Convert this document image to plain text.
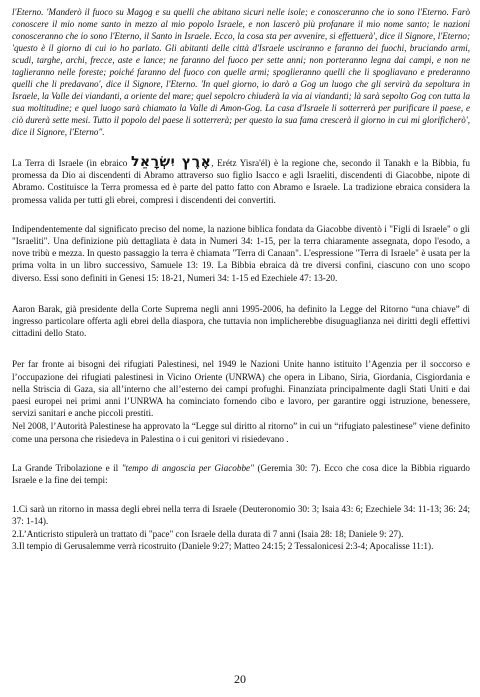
l'Eterno. 'Manderò il fuoco su Magog e su quelli che abitano sicuri nelle isole; e conosceranno che io sono l'Eterno. Farò conoscere il mio nome santo in mezzo al mio popolo Israele, e non lascerò più profanare il mio nome santo; le nazioni conosceranno che io sono l'Eterno, il Santo in Israele. Ecco, la cosa sta per avvenire, si effettuerà', dice il Signore, l'Eterno; 'questo è il giorno di cui io ho parlato. Gli abitanti delle città d'Israele usciranno e faranno dei fuochi, bruciando armi, scudi, targhe, archi, frecce, aste e lance; ne faranno del fuoco per sette anni; non porteranno legna dai campi, e non ne taglieranno nelle foreste; poiché faranno del fuoco con quelle armi; spoglieranno quelli che li spogliavano e prederanno quelli che li predavano', dice il Signore, l'Eterno. 'In quel giorno, io darò a Gog un luogo che gli servirà da sepoltura in Israele, la Valle dei viandanti, a oriente del mare; quel sepolcro chiuderà la via ai viandanti; là sarà sepolto Gog con tutta la sua moltitudine; e quel luogo sarà chiamato la Valle di Amon-Gog. La casa d'Israele li sotterrerà per purificare il paese, e ciò durerà sette mesi. Tutto il popolo del paese li sotterrerà; per questo la sua fama crescerà il giorno in cui mi glorificherò', dice il Signore, l'Eterno".

La Terra di Israele (in ebraico אֶרֶץ יִשְׂרָאֵל, Erétz Yisra'él) è la regione che, secondo il Tanakh e la Bibbia, fu promessa da Dio ai discendenti di Abramo attraverso suo figlio Isacco e agli Israeliti, discendenti di Giacobbe, nipote di Abramo. Costituisce la Terra promessa ed è parte del patto fatto con Abramo e Israele. La tradizione ebraica considera la promessa valida per tutti gli ebrei, compresi i discendenti dei convertiti.

Indipendentemente dal significato preciso del nome, la nazione biblica fondata da Giacobbe diventò i "Figli di Israele" o gli "Israeliti". Una definizione più dettagliata è data in Numeri 34: 1-15, per la terra chiaramente assegnata, dopo l'esodo, a nove tribù e mezza. In questo passaggio la terra è chiamata "Terra di Canaan". L'espressione "Terra di Israele" è usata per la prima volta in un libro successivo, Samuele 13: 19. La Bibbia ebraica dà tre diversi confini, ciascuno con uno scopo diverso. Essi sono definiti in Genesi 15: 18-21, Numeri 34: 1-15 ed Ezechiele 47: 13-20.

Aaron Barak, già presidente della Corte Suprema negli anni 1995-2006, ha definito la Legge del Ritorno “una chiave” di ingresso particolare offerta agli ebrei della diaspora, che tuttavia non implicherebbe disuguaglianza nei diritti degli effettivi cittadini dello Stato.

Per far fronte ai bisogni dei rifugiati Palestinesi, nel 1949 le Nazioni Unite hanno istituito l’Agenzia per il soccorso e l’occupazione dei rifugiati palestinesi in Vicino Oriente (UNRWA) che opera in Libano, Siria, Giordania, Cisgiordania e nella Striscia di Gaza, sia all’interno che all’esterno dei campi profughi. Finanziata principalmente dagli Stati Uniti e dai paesi europei nei primi anni l’UNRWA ha cominciato fornendo cibo e lavoro, per garantire oggi istruzione, benessere, servizi sanitari e anche piccoli prestiti.

Nel 2008, l’Autorità Palestinese ha approvato la “Legge sul diritto al ritorno” in cui un “rifugiato palestinese” viene definito come una persona che risiedeva in Palestina o i cui genitori vi risiedevano .

La Grande Tribolazione e il "tempo di angoscia per Giacobbe" (Geremia 30: 7). Ecco che cosa dice la Bibbia riguardo Israele e la fine dei tempi:

1.Ci sarà un ritorno in massa degli ebrei nella terra di Israele (Deuteronomio 30: 3; Isaia 43: 6; Ezechiele 34: 11-13; 36: 24; 37: 1-14).

2.L’Anticristo stipulerà un trattato di "pace" con Israele della durata di 7 anni (Isaia 28: 18; Daniele 9: 27).

3.Il tempio di Gerusalemme verrà ricostruito (Daniele 9:27; Matteo 24:15; 2 Tessalonicesi 2:3-4; Apocalisse 11:1).

20
